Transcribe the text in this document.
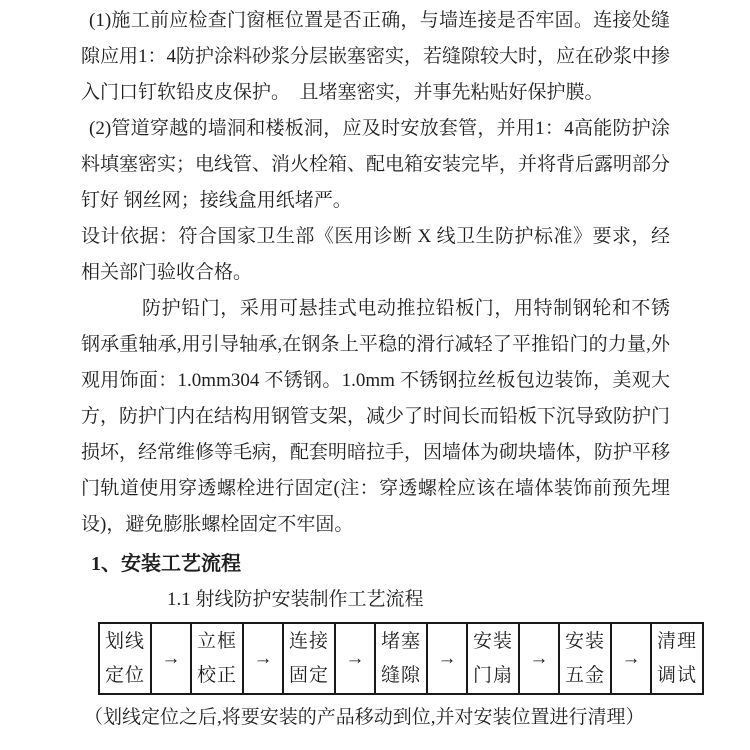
(1)施工前应检查门窗框位置是否正确，与墙连接是否牢固。连接处缝隙应用1：4防护涂料砂浆分层嵌塞密实，若缝隙较大时，应在砂浆中掺入门口钉软铅皮皮保护。　且堵塞密实，并事先粘贴好保护膜。

(2)管道穿越的墙洞和楼板洞，应及时安放套管，并用1：4高能防护涂料填塞密实；电线管、消火栓箱、配电箱安装完毕，并将背后露明部分钉好 钢丝网；接线盒用纸堵严。

设计依据：符合国家卫生部《医用诊断 X 线卫生防护标准》要求，经相关部门验收合格。

防护铅门，采用可悬挂式电动推拉铅板门，用特制钢轮和不锈钢承重轴承,用引导轴承,在钢条上平稳的滑行减轻了平推铅门的力量,外观用饰面：1.0mm304 不锈钢。1.0mm 不锈钢拉丝板包边装饰，美观大方，防护门内在结构用钢管支架，减少了时间长而铅板下沉导致防护门损坏，经常维修等毛病，配套明暗拉手，因墙体为砌块墙体，防护平移门轨道使用穿透螺栓进行固定(注：穿透螺栓应该在墙体装饰前预先埋设)，避免膨胀螺栓固定不牢固。

1、安装工艺流程

1.1 射线防护安装制作工艺流程

划线
定位
	→	
立框
校正
	→	
连接
固定
	→	
堵塞
缝隙
	→	
安装
门扇
	→	
安装
五金
	→	
清理
调试

（划线定位之后,将要安装的产品移动到位,并对安装位置进行清理）
